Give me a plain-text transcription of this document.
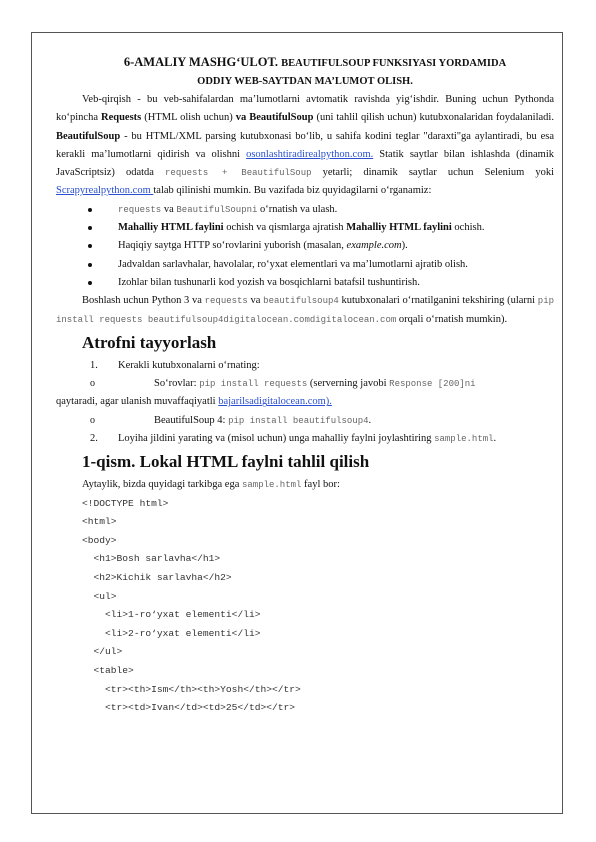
6-AMALIY MASHG‘ULOT. BEAUTIFULSOUP FUNKSIYASI YORDAMIDA

ODDIY WEB-SAYTDAN MA’LUMOT OLISH.

Veb-qirqish - bu veb-sahifalardan ma’lumotlarni avtomatik ravishda yig‘ishdir. Buning uchun Pythonda ko‘pincha Requests (HTML olish uchun) va BeautifulSoup (uni tahlil qilish uchun) kutubxonalaridan foydalaniladi. BeautifulSoup - bu HTML/XML parsing kutubxonasi bo‘lib, u sahifa kodini teglar "daraxti"ga aylantiradi, bu esa kerakli ma’lumotlarni qidirish va olishni osonlashtiradirealpython.com. Statik saytlar bilan ishlashda (dinamik JavaScriptsiz) odatda requests + BeautifulSoup yetarli; dinamik saytlar uchun Selenium yoki Scrapyrealpython.com talab qilinishi mumkin. Bu vazifada biz quyidagilarni o‘rganamiz:

requests va BeautifulSoupni o‘rnatish va ulash.

Mahalliy HTML faylini ochish va qismlarga ajratish Mahalliy HTML faylini ochish.

Haqiqiy saytga HTTP so‘rovlarini yuborish (masalan, example.com).

Jadvaldan sarlavhalar, havolalar, ro‘yxat elementlari va ma’lumotlarni ajratib olish.

Izohlar bilan tushunarli kod yozish va bosqichlarni batafsil tushuntirish.

Boshlash uchun Python 3 va requests va beautifulsoup4 kutubxonalari o‘rnatilganini tekshiring (ularni pip install requests beautifulsoup4digitalocean.comdigitalocean.com orqali o‘rnatish mumkin).

Atrofni tayyorlash

1. Kerakli kutubxonalarni o‘rnating:

o	So‘rovlar: pip install requests (serverning javobi Response [200]ni

qaytaradi, agar ulanish muvaffaqiyatli bajarilsadigitalocean.com).

o	BeautifulSoup 4: pip install beautifulsoup4.

2. Loyiha jildini yarating va (misol uchun) unga mahalliy faylni joylashtiring sample.html.

1-qism. Lokal HTML faylni tahlil qilish

Aytaylik, bizda quyidagi tarkibga ega sample.html fayl bor:

<!DOCTYPE html>
<html>
<body>
<h1>Bosh sarlavha</h1>
<h2>Kichik sarlavha</h2>
<ul>
<li>1-ro‘yxat elementi</li>
<li>2-ro‘yxat elementi</li>
</ul>
<table>
<tr><th>Ism</th><th>Yosh</th></tr>
<tr><td>Ivan</td><td>25</td></tr>
